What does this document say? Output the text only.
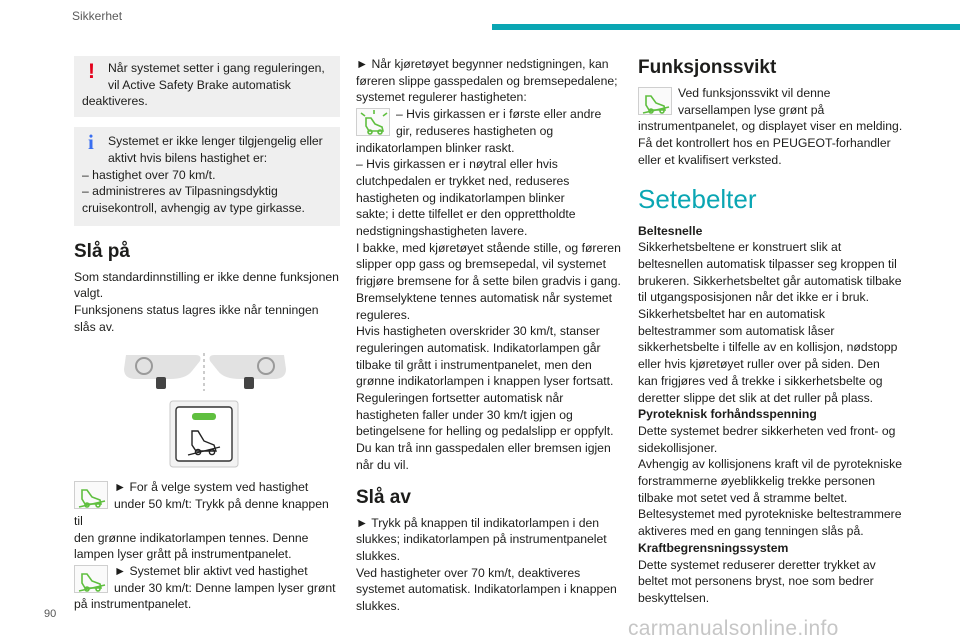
Sikkerhet
!	Når systemet setter i gang reguleringen,
vil Active Safety Brake automatisk
deaktiveres.
i	Systemet er ikke lenger tilgjengelig eller
aktivt hvis bilens hastighet er:
– hastighet over 70 km/t.
– administreres av Tilpasningsdyktig
cruisekontroll, avhengig av type girkasse.
Slå på
Som standardinnstilling er ikke denne funksjonen
valgt.
Funksjonens status lagres ikke når tenningen
slås av.
► For å velge system ved hastighet
under 50 km/t: Trykk på denne knappen til
den grønne indikatorlampen tennes. Denne
lampen lyser grått på instrumentpanelet.
► Systemet blir aktivt ved hastighet
under 30 km/t: Denne lampen lyser grønt
på instrumentpanelet.
► Når kjøretøyet begynner nedstigningen, kan
føreren slippe gasspedalen og bremsepedalene;
systemet regulerer hastigheten:
– Hvis girkassen er i første eller andre
gir, reduseres hastigheten og
indikatorlampen blinker raskt.
– Hvis girkassen er i nøytral eller hvis
clutchpedalen er trykket ned, reduseres
hastigheten og indikatorlampen blinker
sakte; i dette tilfellet er den opprettholdte
nedstigningshastigheten lavere.
I bakke, med kjøretøyet stående stille, og føreren
slipper opp gass og bremsepedal, vil systemet
frigjøre bremsene for å sette bilen gradvis i gang.
Bremselyktene tennes automatisk når systemet
reguleres.
Hvis hastigheten overskrider 30 km/t, stanser
reguleringen automatisk. Indikatorlampen går
tilbake til grått i instrumentpanelet, men den
grønne indikatorlampen i knappen lyser fortsatt.
Reguleringen fortsetter automatisk når
hastigheten faller under 30 km/t igjen og
betingelsene for helling og pedalslipp er oppfylt.
Du kan trå inn gasspedalen eller bremsen igjen
når du vil.
Slå av
► Trykk på knappen til indikatorlampen i den
slukkes; indikatorlampen på instrumentpanelet
slukkes.
Ved hastigheter over 70 km/t, deaktiveres
systemet automatisk. Indikatorlampen i knappen
slukkes.
Funksjonssvikt
Ved funksjonssvikt vil denne
varsellampen lyse grønt på
instrumentpanelet, og displayet viser en melding.
Få det kontrollert hos en PEUGEOT-forhandler
eller et kvalifisert verksted.
Setebelter
Beltesnelle
Sikkerhetsbeltene er konstruert slik at
beltesnellen automatisk tilpasser seg kroppen til
brukeren. Sikkerhetsbeltet går automatisk tilbake
til utgangsposisjonen når det ikke er i bruk.
Sikkerhetsbeltet har en automatisk
beltestrammer som automatisk låser
sikkerhetsbelte i tilfelle av en kollisjon, nødstopp
eller hvis kjøretøyet ruller over på siden. Den
kan frigjøres ved å trekke i sikkerhetsbelte og
deretter slippe det slik at det ruller på plass.
Pyroteknisk forhåndsspenning
Dette systemet bedrer sikkerheten ved front- og
sidekollisjoner.
Avhengig av kollisjonens kraft vil de pyrotekniske
forstrammerne øyeblikkelig trekke personen
tilbake mot setet ved å stramme beltet.
Beltesystemet med pyrotekniske beltestrammere
aktiveres med en gang tenningen slås på.
Kraftbegrensningssystem
Dette systemet reduserer deretter trykket av
beltet mot personens bryst, noe som bedrer
beskyttelsen.
90
carmanualsonline.info
